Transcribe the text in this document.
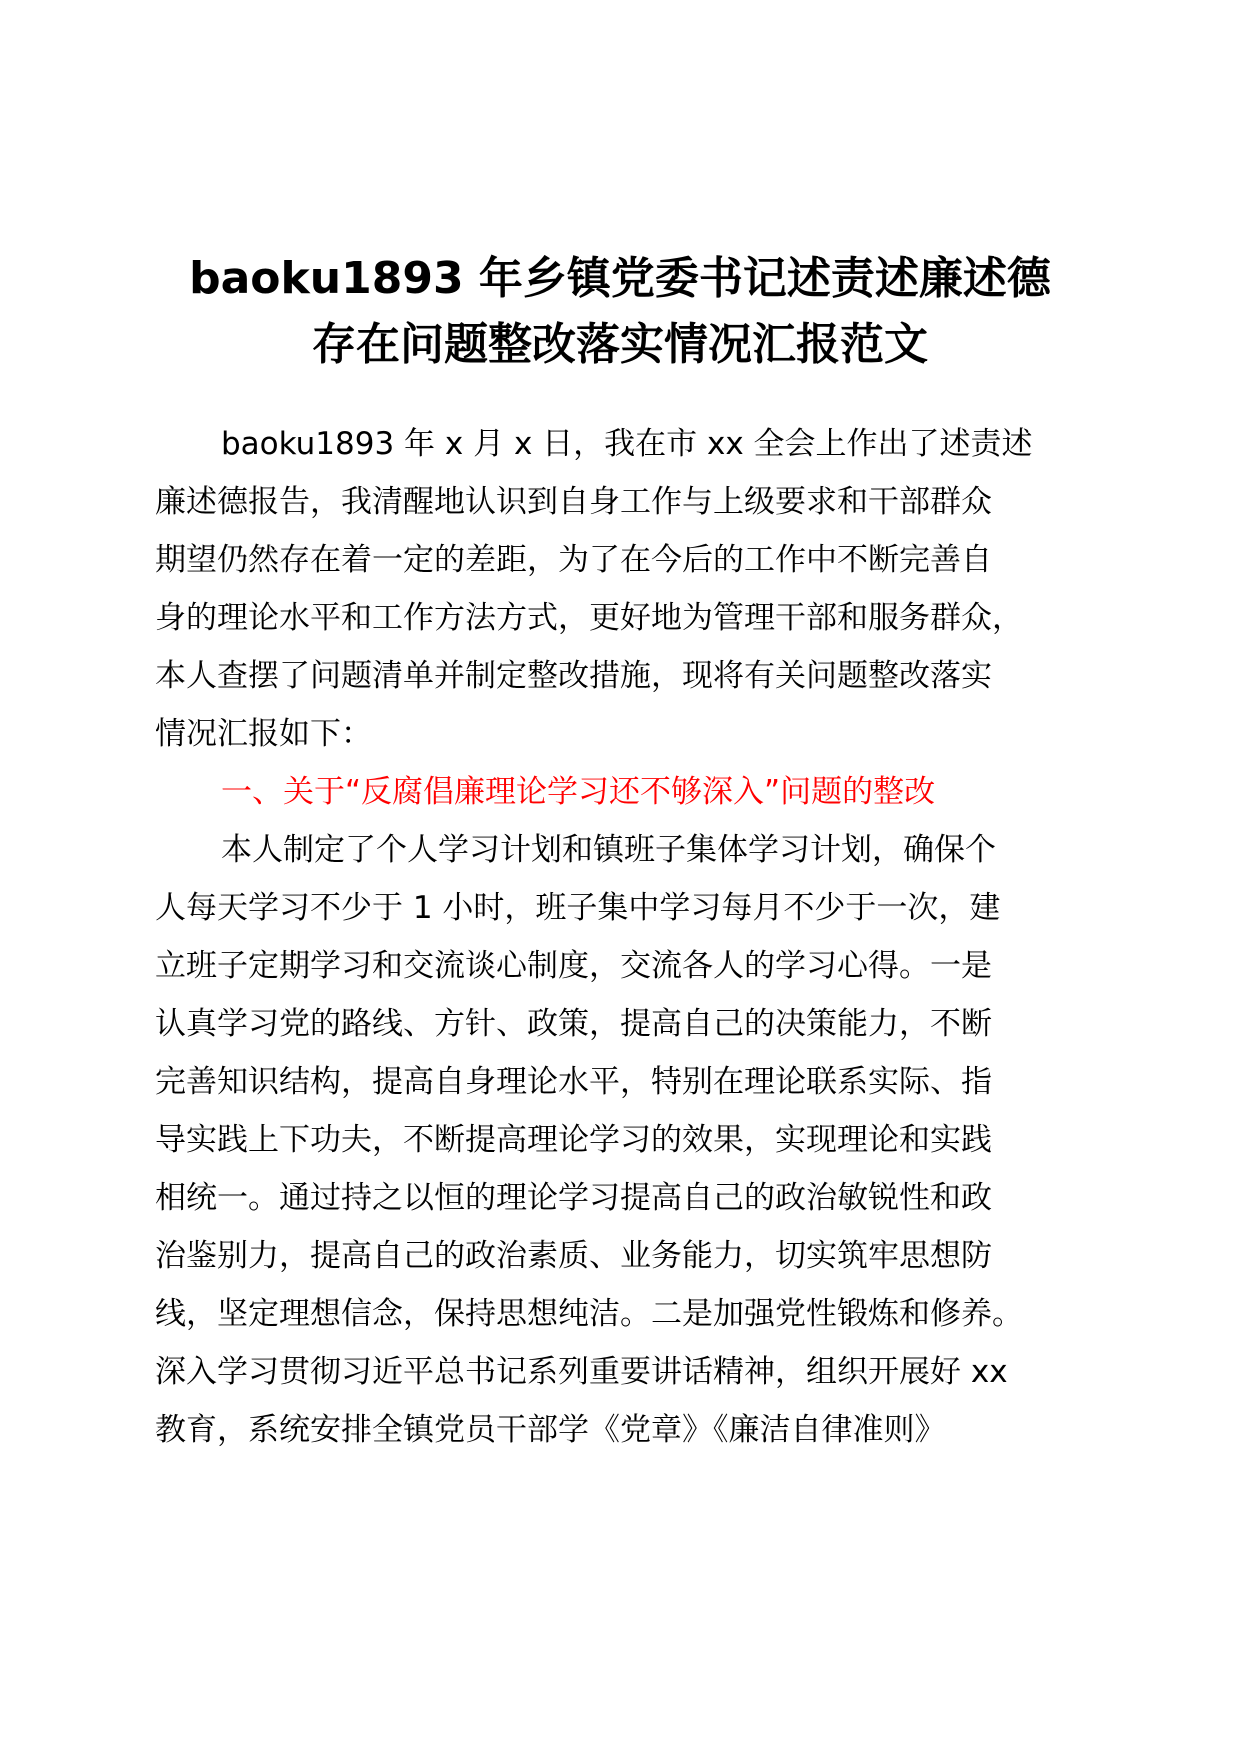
baoku1893 年乡镇党委书记述责述廉述德
存在问题整改落实情况汇报范文

baoku1893 年 x 月 x 日，我在市 xx 全会上作出了述责述
廉述德报告，我清醒地认识到自身工作与上级要求和干部群众
期望仍然存在着一定的差距，为了在今后的工作中不断完善自
身的理论水平和工作方法方式，更好地为管理干部和服务群众，
本人查摆了问题清单并制定整改措施，现将有关问题整改落实
情况汇报如下：

一、关于“反腐倡廉理论学习还不够深入”问题的整改

本人制定了个人学习计划和镇班子集体学习计划，确保个
人每天学习不少于 1 小时，班子集中学习每月不少于一次，建
立班子定期学习和交流谈心制度，交流各人的学习心得。一是
认真学习党的路线、方针、政策，提高自己的决策能力，不断
完善知识结构，提高自身理论水平，特别在理论联系实际、指
导实践上下功夫，不断提高理论学习的效果，实现理论和实践
相统一。通过持之以恒的理论学习提高自己的政治敏锐性和政
治鉴别力，提高自己的政治素质、业务能力，切实筑牢思想防
线，坚定理想信念，保持思想纯洁。二是加强党性锻炼和修养。
深入学习贯彻习近平总书记系列重要讲话精神，组织开展好 xx
教育，系统安排全镇党员干部学《党章》《廉洁自律准则》
